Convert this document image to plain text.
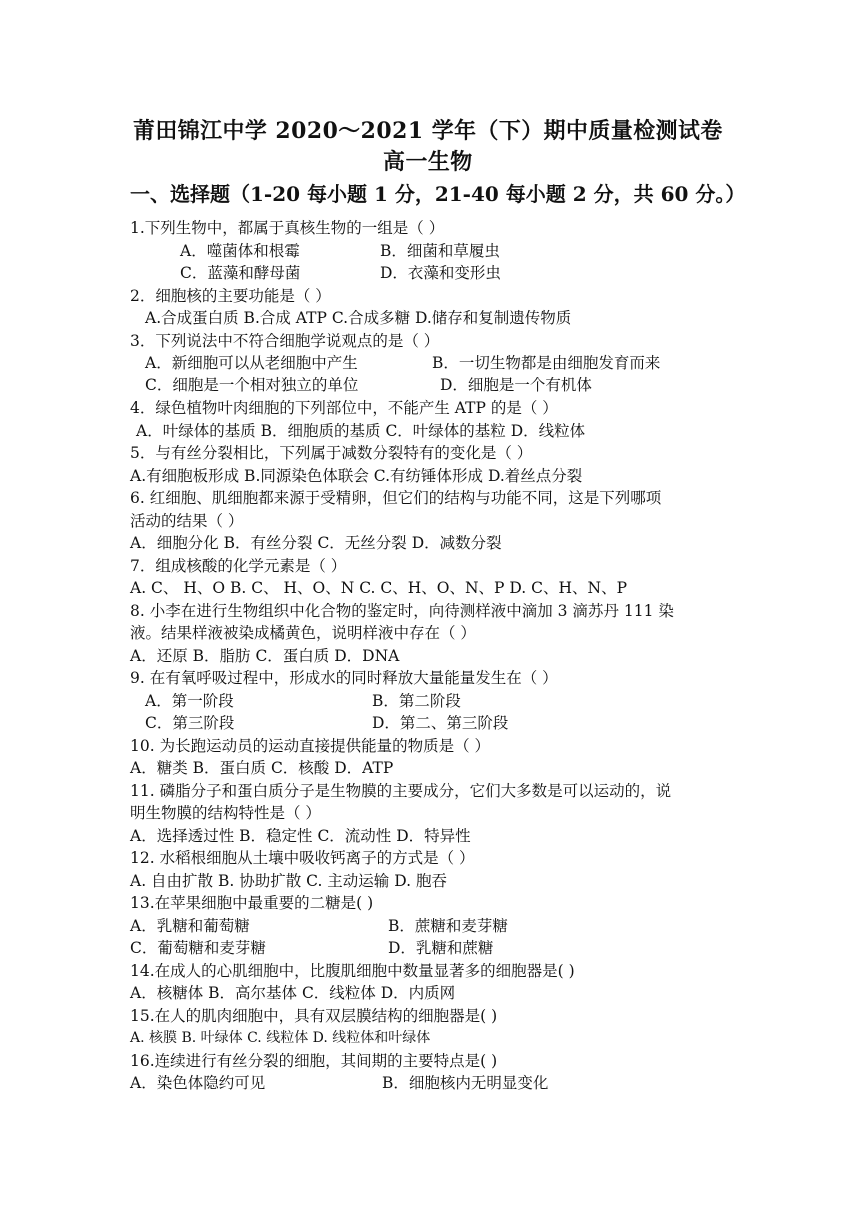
莆田锦江中学 2020～2021 学年（下）期中质量检测试卷
高一生物
一、选择题（1-20 每小题 1 分，21-40 每小题 2 分，共 60 分。）
1.下列生物中，都属于真核生物的一组是（ ）
A．噬菌体和根霉	B．细菌和草履虫
C．蓝藻和酵母菌	D．衣藻和变形虫
2．细胞核的主要功能是（ ）
A.合成蛋白质 B.合成 ATP C.合成多糖 D.储存和复制遗传物质
3．下列说法中不符合细胞学说观点的是（ ）
A．新细胞可以从老细胞中产生	B．一切生物都是由细胞发育而来
C．细胞是一个相对独立的单位	D．细胞是一个有机体
4．绿色植物叶肉细胞的下列部位中，不能产生 ATP 的是（ ）
A．叶绿体的基质 B．细胞质的基质 C．叶绿体的基粒 D．线粒体
5．与有丝分裂相比，下列属于减数分裂特有的变化是（ ）
A.有细胞板形成 B.同源染色体联会 C.有纺锤体形成 D.着丝点分裂
6. 红细胞、肌细胞都来源于受精卵，但它们的结构与功能不同，这是下列哪项
活动的结果（ ）
A．细胞分化 B．有丝分裂 C．无丝分裂 D．减数分裂
7．组成核酸的化学元素是（ ）
A. C、 H、O B. C、 H、O、N C. C、H、O、N、P D. C、H、N、P
8. 小李在进行生物组织中化合物的鉴定时，向待测样液中滴加 3 滴苏丹 111 染
液。结果样液被染成橘黄色，说明样液中存在（ ）
A．还原 B．脂肪 C．蛋白质 D．DNA
9. 在有氧呼吸过程中，形成水的同时释放大量能量发生在（ ）
A．第一阶段	B．第二阶段
C．第三阶段	D．第二、第三阶段
10. 为长跑运动员的运动直接提供能量的物质是（ ）
A．糖类 B．蛋白质 C．核酸 D．ATP
11. 磷脂分子和蛋白质分子是生物膜的主要成分，它们大多数是可以运动的，说
明生物膜的结构特性是（ ）
A．选择透过性 B．稳定性 C．流动性 D．特异性
12. 水稻根细胞从土壤中吸收钙离子的方式是（ ）
A. 自由扩散 B. 协助扩散 C. 主动运输 D. 胞吞
13.在苹果细胞中最重要的二糖是( )
A．乳糖和葡萄糖	B．蔗糖和麦芽糖
C．葡萄糖和麦芽糖	D．乳糖和蔗糖
14.在成人的心肌细胞中，比腹肌细胞中数量显著多的细胞器是( )
A．核糖体 B．高尔基体 C．线粒体 D．内质网
15.在人的肌肉细胞中，具有双层膜结构的细胞器是( )
A. 核膜 B. 叶绿体 C. 线粒体 D. 线粒体和叶绿体
16.连续进行有丝分裂的细胞，其间期的主要特点是( )
A．染色体隐约可见	B．细胞核内无明显变化
